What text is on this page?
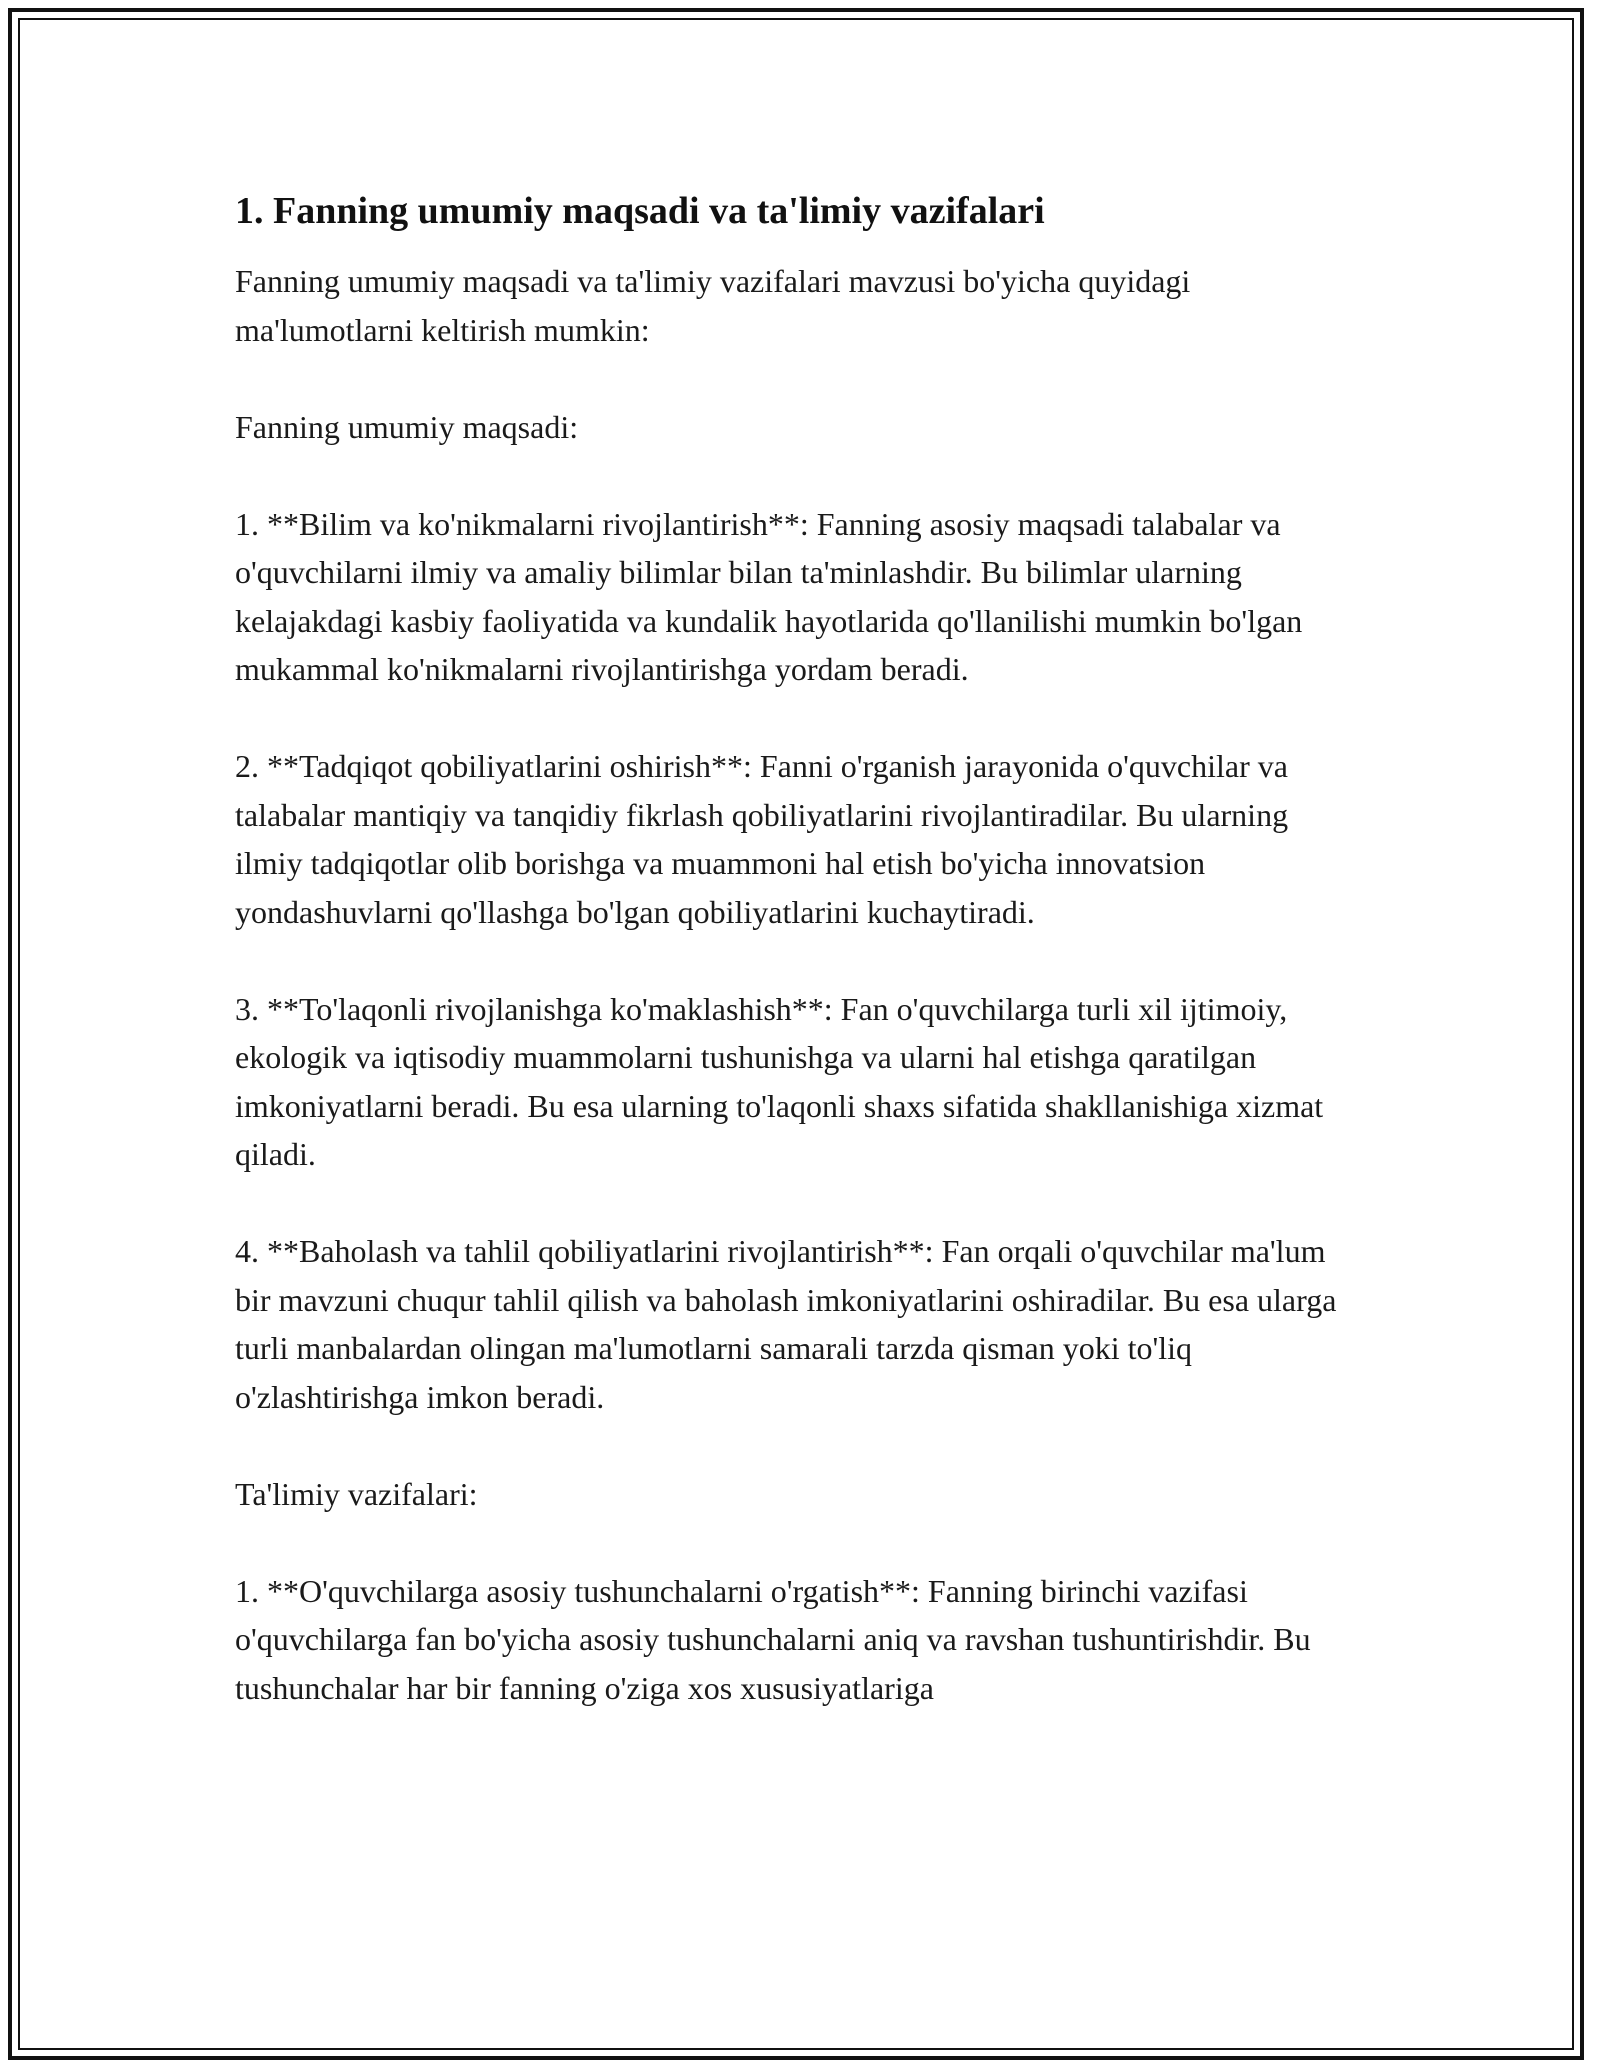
1. Fanning umumiy maqsadi va ta'limiy vazifalari

Fanning umumiy maqsadi va ta'limiy vazifalari mavzusi bo'yicha quyidagi ma'lumotlarni keltirish mumkin:

Fanning umumiy maqsadi:

1. **Bilim va ko'nikmalarni rivojlantirish**: Fanning asosiy maqsadi talabalar va o'quvchilarni ilmiy va amaliy bilimlar bilan ta'minlashdir. Bu bilimlar ularning kelajakdagi kasbiy faoliyatida va kundalik hayotlarida qo'llanilishi mumkin bo'lgan mukammal ko'nikmalarni rivojlantirishga yordam beradi.

2. **Tadqiqot qobiliyatlarini oshirish**: Fanni o'rganish jarayonida o'quvchilar va talabalar mantiqiy va tanqidiy fikrlash qobiliyatlarini rivojlantiradilar. Bu ularning ilmiy tadqiqotlar olib borishga va muammoni hal etish bo'yicha innovatsion yondashuvlarni qo'llashga bo'lgan qobiliyatlarini kuchaytiradi.

3. **To'laqonli rivojlanishga ko'maklashish**: Fan o'quvchilarga turli xil ijtimoiy, ekologik va iqtisodiy muammolarni tushunishga va ularni hal etishga qaratilgan imkoniyatlarni beradi. Bu esa ularning to'laqonli shaxs sifatida shakllanishiga xizmat qiladi.

4. **Baholash va tahlil qobiliyatlarini rivojlantirish**: Fan orqali o'quvchilar ma'lum bir mavzuni chuqur tahlil qilish va baholash imkoniyatlarini oshiradilar. Bu esa ularga turli manbalardan olingan ma'lumotlarni samarali tarzda qisman yoki to'liq o'zlashtirishga imkon beradi.

Ta'limiy vazifalari:

1. **O'quvchilarga asosiy tushunchalarni o'rgatish**: Fanning birinchi vazifasi o'quvchilarga fan bo'yicha asosiy tushunchalarni aniq va ravshan tushuntirishdir. Bu tushunchalar har bir fanning o'ziga xos xususiyatlariga
